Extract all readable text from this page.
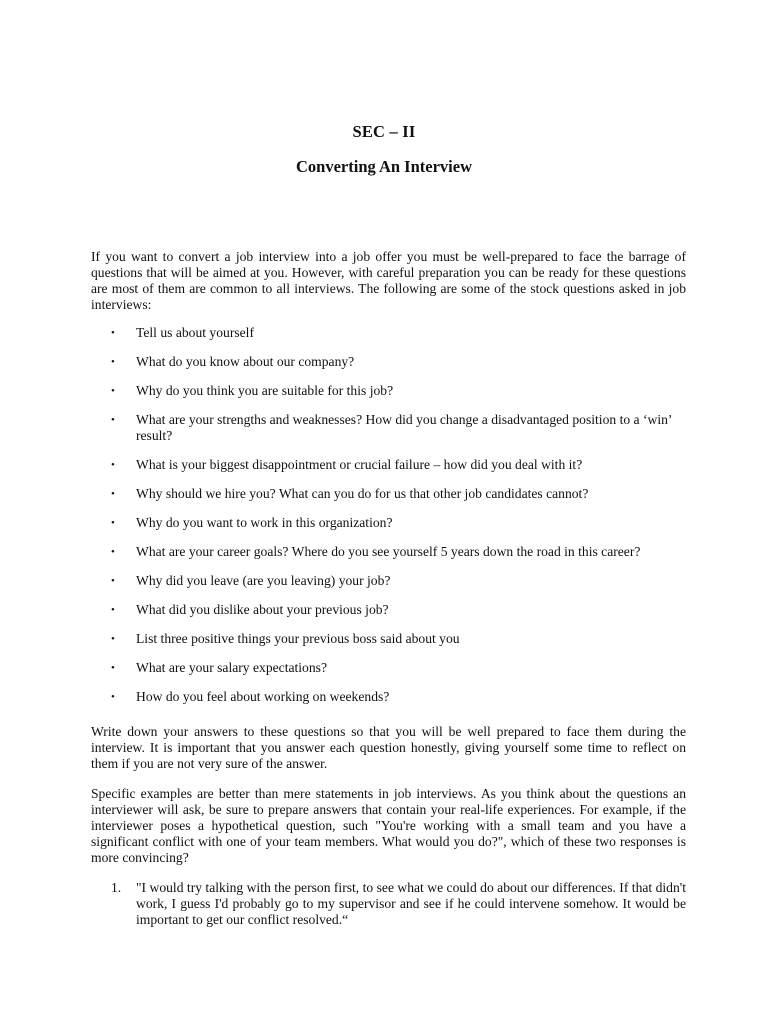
SEC – II
Converting An Interview

If you want to convert a job interview into a job offer you must be well-prepared to face the barrage of questions that will be aimed at you. However, with careful preparation you can be ready for these questions are most of them are common to all interviews. The following are some of the stock questions asked in job interviews:

• Tell us about yourself
• What do you know about our company?
• Why do you think you are suitable for this job?
• What are your strengths and weaknesses? How did you change a disadvantaged position to a ‘win’ result?
• What is your biggest disappointment or crucial failure – how did you deal with it?
• Why should we hire you? What can you do for us that other job candidates cannot?
• Why do you want to work in this organization?
• What are your career goals? Where do you see yourself 5 years down the road in this career?
• Why did you leave (are you leaving) your job?
• What did you dislike about your previous job?
• List three positive things your previous boss said about you
• What are your salary expectations?
• How do you feel about working on weekends?

Write down your answers to these questions so that you will be well prepared to face them during the interview. It is important that you answer each question honestly, giving yourself some time to reflect on them if you are not very sure of the answer.

Specific examples are better than mere statements in job interviews. As you think about the questions an interviewer will ask, be sure to prepare answers that contain your real-life experiences. For example, if the interviewer poses a hypothetical question, such "You're working with a small team and you have a significant conflict with one of your team members. What would you do?", which of these two responses is more convincing?

1. "I would try talking with the person first, to see what we could do about our differences. If that didn't work, I guess I'd probably go to my supervisor and see if he could intervene somehow. It would be important to get our conflict resolved.“
